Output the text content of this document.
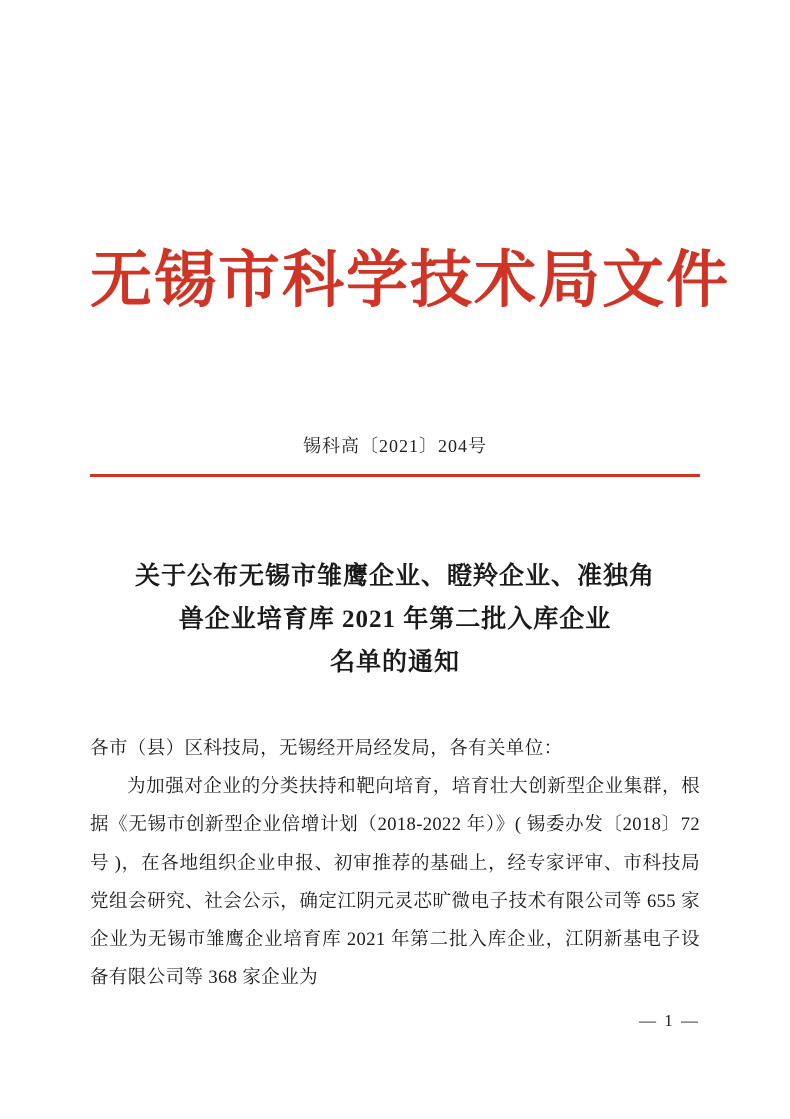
无锡市科学技术局文件
锡科高〔2021〕204号
关于公布无锡市雏鹰企业、瞪羚企业、准独角
兽企业培育库 2021 年第二批入库企业
名单的通知

各市（县）区科技局，无锡经开局经发局，各有关单位：

为加强对企业的分类扶持和靶向培育，培育壮大创新型企业集群，根据《无锡市创新型企业倍增计划（2018-2022 年）》( 锡委办发〔2018〕72 号 )，在各地组织企业申报、初审推荐的基础上，经专家评审、市科技局党组会研究、社会公示，确定江阴元灵芯旷微电子技术有限公司等 655 家企业为无锡市雏鹰企业培育库 2021 年第二批入库企业，江阴新基电子设备有限公司等 368 家企业为

— 1 —
